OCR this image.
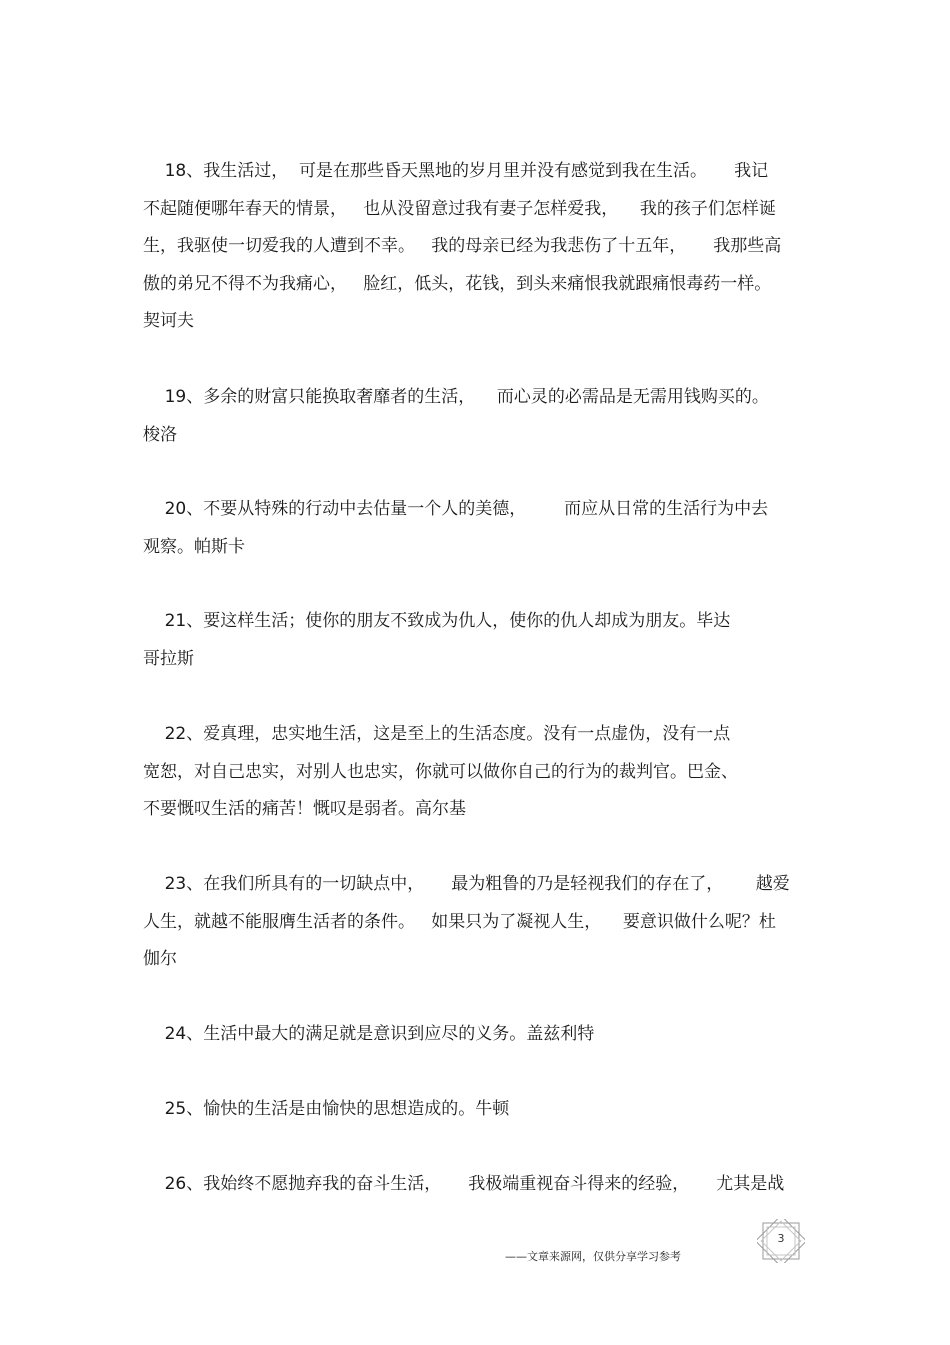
18、我生活过，  可是在那些昏天黑地的岁月里并没有感觉到我在生活。     我记
不起随便哪年春天的情景，   也从没留意过我有妻子怎样爱我，    我的孩子们怎样诞
生，我驱使一切爱我的人遭到不幸。   我的母亲已经为我悲伤了十五年，     我那些高
傲的弟兄不得不为我痛心，   脸红，低头，花钱，到头来痛恨我就跟痛恨毒药一样。
契诃夫

19、多余的财富只能换取奢靡者的生活，    而心灵的必需品是无需用钱购买的。
梭洛

20、不要从特殊的行动中去估量一个人的美德，       而应从日常的生活行为中去
观察。帕斯卡

21、要这样生活；使你的朋友不致成为仇人，使你的仇人却成为朋友。毕达
哥拉斯

22、爱真理，忠实地生活，这是至上的生活态度。没有一点虚伪，没有一点
宽恕，对自己忠实，对别人也忠实，你就可以做你自己的行为的裁判官。巴金、
不要慨叹生活的痛苦！慨叹是弱者。高尔基

23、在我们所具有的一切缺点中，     最为粗鲁的乃是轻视我们的存在了，      越爱
人生，就越不能服膺生活者的条件。   如果只为了凝视人生，    要意识做什么呢？杜
伽尔

24、生活中最大的满足就是意识到应尽的义务。盖兹利特

25、愉快的生活是由愉快的思想造成的。牛顿

26、我始终不愿抛弃我的奋斗生活，     我极端重视奋斗得来的经验，     尤其是战

——文章来源网，仅供分享学习参考
3
